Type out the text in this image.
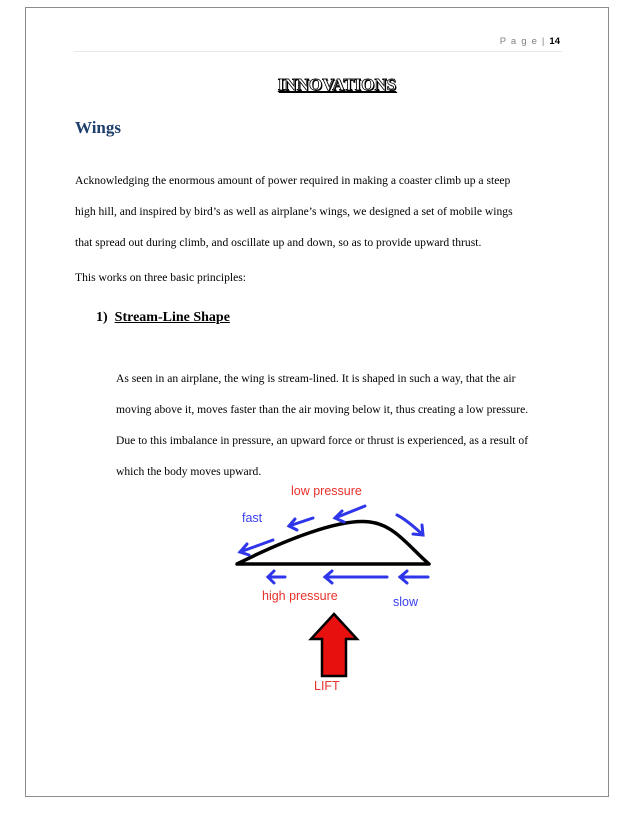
P a g e | 14
INNOVATIONS
Wings
Acknowledging the enormous amount of power required in making a coaster climb up a steep
high hill, and inspired by bird’s as well as airplane’s wings, we designed a set of mobile wings
that spread out during climb, and oscillate up and down, so as to provide upward thrust.
This works on three basic principles:
1) Stream-Line Shape
As seen in an airplane, the wing is stream-lined. It is shaped in such a way, that the air
moving above it, moves faster than the air moving below it, thus creating a low pressure.
Due to this imbalance in pressure, an upward force or thrust is experienced, as a result of
which the body moves upward.
low pressure
fast
high pressure	slow
LIFT
